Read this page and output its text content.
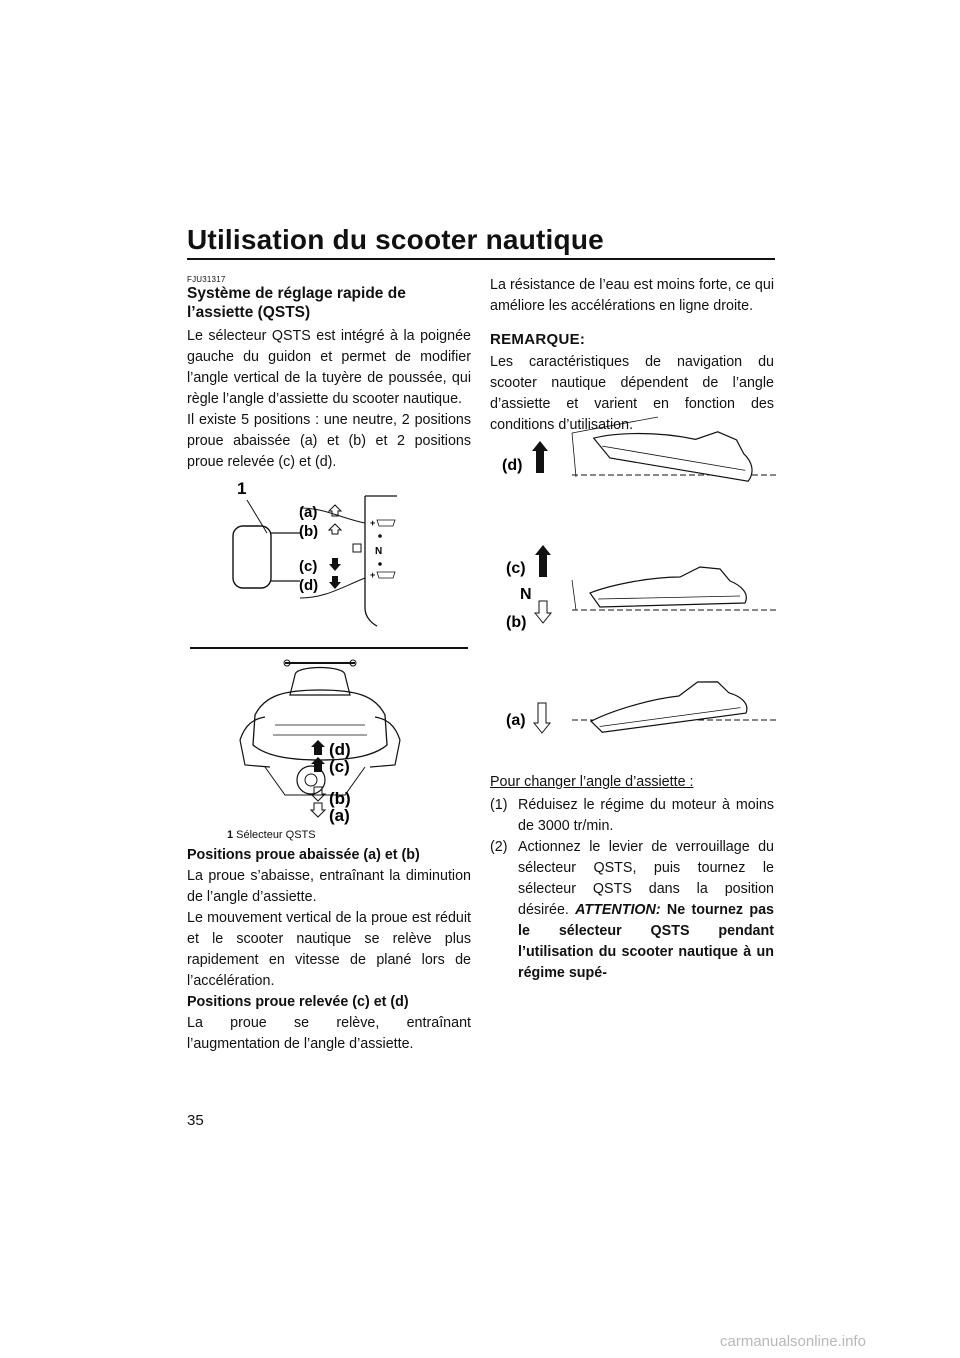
Utilisation du scooter nautique
FJU31317
Système de réglage rapide de
l’assiette (QSTS)

Le sélecteur QSTS est intégré à la poignée gauche du guidon et permet de modifier l’angle vertical de la tuyère de poussée, qui règle l’angle d’assiette du scooter nautique.

Il existe 5 positions : une neutre, 2 positions proue abaissée (a) et (b) et 2 positions proue relevée (c) et (d).

1
(a)
(b)
(c)
(d)
+
+
N
(d)
(c)
(b)
(a)
1 Sélecteur QSTS
Positions proue abaissée (a) et (b)

La proue s’abaisse, entraînant la diminution de l’angle d’assiette.

Le mouvement vertical de la proue est réduit et le scooter nautique se relève plus rapidement en vitesse de plané lors de l’accélération.

Positions proue relevée (c) et (d)

La proue se relève, entraînant l’augmentation de l’angle d’assiette.

La résistance de l’eau est moins forte, ce qui améliore les accélérations en ligne droite.

REMARQUE:

Les caractéristiques de navigation du scooter nautique dépendent de l’angle d’assiette et varient en fonction des conditions d’utilisation.

(d)
(c)
N
(b)
(a)
Pour changer l’angle d’assiette :
(1) Réduisez le régime du moteur à moins de 3000 tr/min.
(2) Actionnez le levier de verrouillage du sélecteur QSTS, puis tournez le sélecteur QSTS dans la position désirée. ATTENTION: Ne tournez pas le sélecteur QSTS pendant l’utilisation du scooter nautique à un régime supé-
35
carmanualsonline.info
